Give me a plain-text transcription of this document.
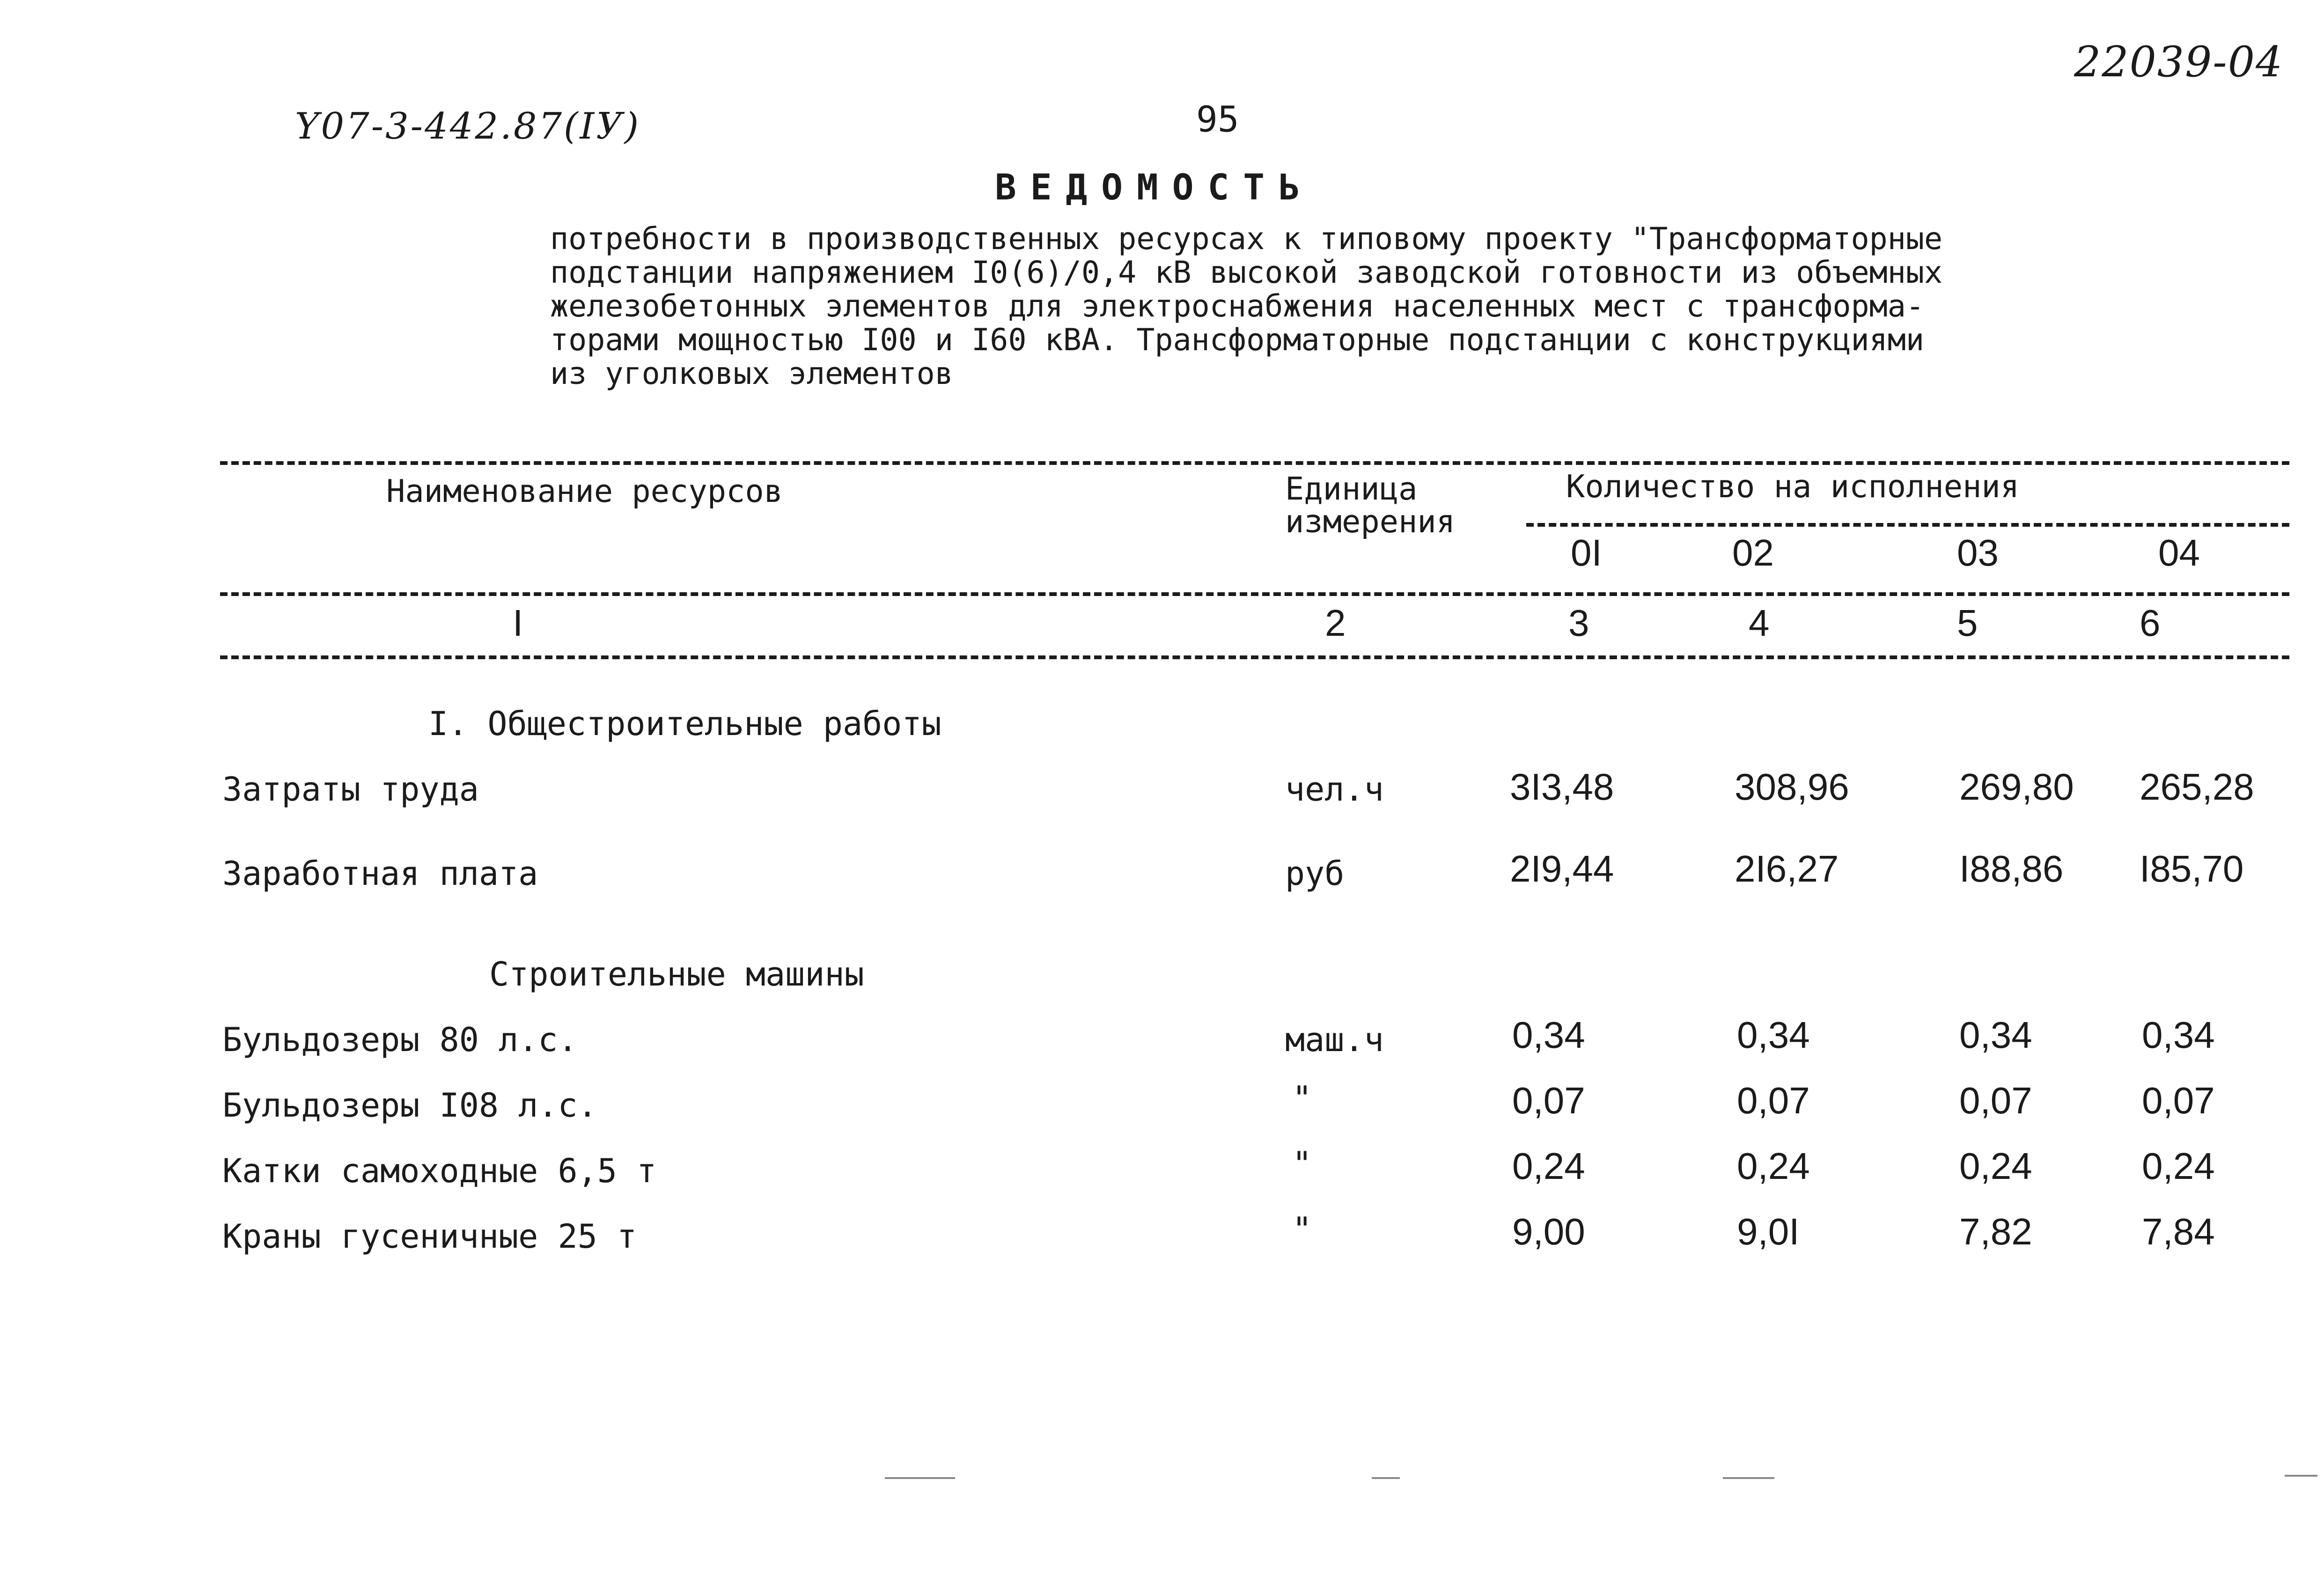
Y07-3-442.87(IУ)	95
22039-04
ВЕДОМОСТЬ
потребности в производственных ресурсах к типовому проекту "Трансформаторные
подстанции напряжением I0(6)/0,4 кВ высокой заводской готовности из объемных
железобетонных элементов для электроснабжения населенных мест с трансформа-
торами мощностью I00 и I60 кВА. Трансформаторные подстанции с конструкциями
из уголковых элементов
Наименование ресурсов	Единица
измерения
Количество на исполнения
0I	02	03	04
I	2	3	4	5	6
I. Общестроительные работы
Затраты труда	чел.ч	3I3,48	308,96	269,80 265,28
Заработная плата	руб	2I9,44	2I6,27	I88,86 I85,70
Строительные машины
Бульдозеры 80 л.с.	маш.ч	0,34	0,34	0,34	0,34
Бульдозеры I08 л.с.	"	0,07	0,07	0,07	0,07
Катки самоходные 6,5 т	"	0,24	0,24	0,24	0,24
Краны гусеничные 25 т	"	9,00	9,0I	7,82	7,84
